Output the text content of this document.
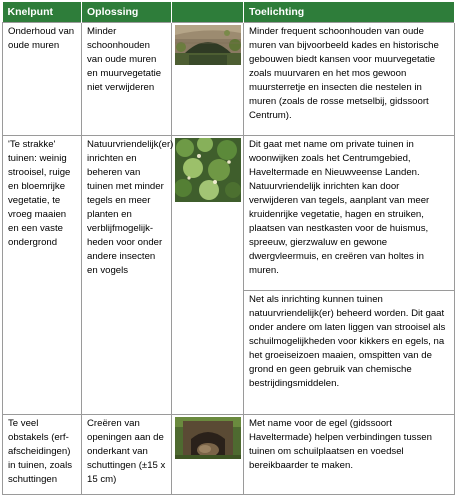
Knelpunt	Oplossing		Toelichting
Onderhoud van oude muren	Minder schoonhouden van oude muren en muurvegetatie niet verwijderen		Minder frequent schoonhouden van oude muren van bijvoorbeeld kades en historische gebouwen biedt kansen voor muurvegetatie zoals muurvaren en het mos gewoon muursterretje en insecten die nestelen in muren (zoals de rosse metselbij, gidssoort Centrum).
'Te strakke' tuinen: weinig strooisel, ruige en bloemrijke vegetatie, te vroeg maaien en een vaste ondergrond	Natuurvriendelijk(er) inrichten en beheren van tuinen met minder tegels en meer planten en verblijfmogelijk-heden voor onder andere insecten en vogels		Dit gaat met name om private tuinen in woonwijken zoals het Centrumgebied, Haveltermade en Nieuwveense Landen. Natuurvriendelijk inrichten kan door verwijderen van tegels, aanplant van meer kruidenrijke vegetatie, hagen en struiken, plaatsen van nestkasten voor de huismus, spreeuw, gierzwaluw en gewone dwergvleermuis, en creëren van holtes in muren.
			Net als inrichting kunnen tuinen natuurvriendelijk(er) beheerd worden. Dit gaat onder andere om laten liggen van strooisel als schuilmogelijkheden voor kikkers en egels, na het groeiseizoen maaien, omspitten van de grond en geen gebruik van chemische bestrijdingsmiddelen.
Te veel obstakels (erf-afscheidingen) in tuinen, zoals schuttingen	Creëren van openingen aan de onderkant van schuttingen (±15 x 15 cm)		Met name voor de egel (gidssoort Haveltermade) helpen verbindingen tussen tuinen om schuilplaatsen en voedsel bereikbaarder te maken.
